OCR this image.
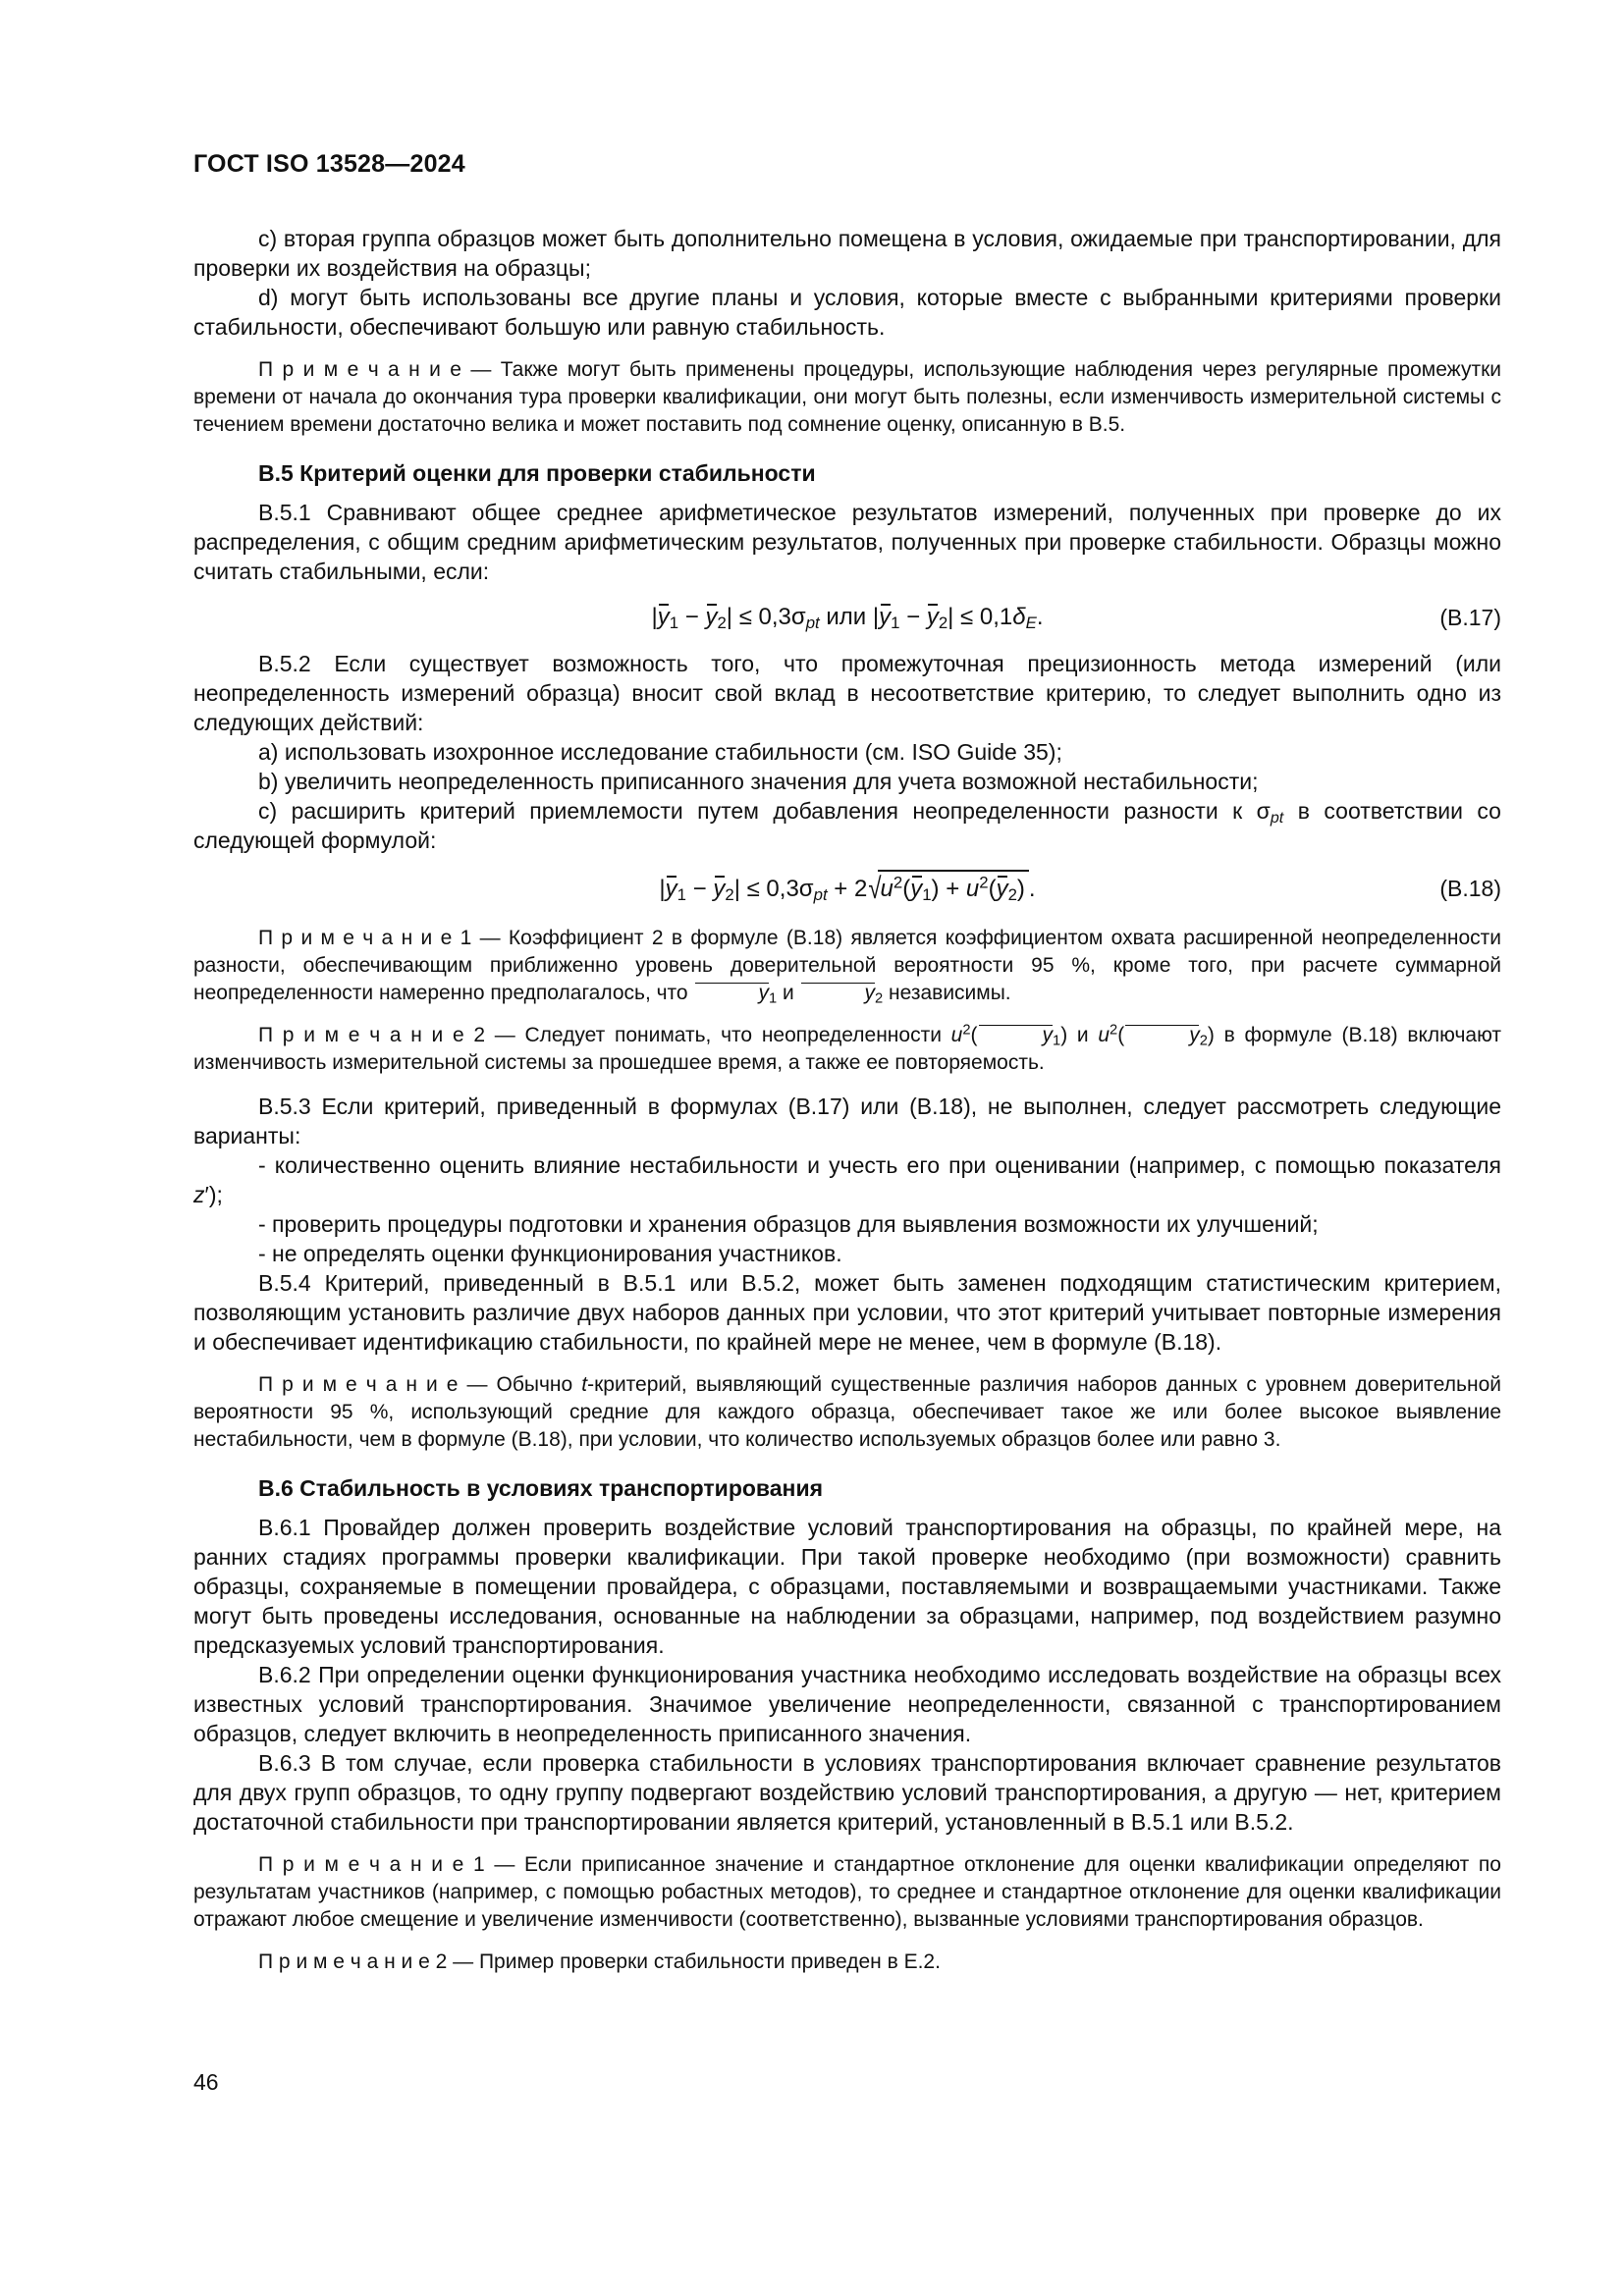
ГОСТ ISO 13528—2024

c) вторая группа образцов может быть дополнительно помещена в условия, ожидаемые при транспортировании, для проверки их воздействия на образцы;

d) могут быть использованы все другие планы и условия, которые вместе с выбранными критериями проверки стабильности, обеспечивают большую или равную стабильность.

П р и м е ч а н и е — Также могут быть применены процедуры, использующие наблюдения через регулярные промежутки времени от начала до окончания тура проверки квалификации, они могут быть полезны, если изменчивость измерительной системы с течением времени достаточно велика и может поставить под сомнение оценку, описанную в В.5.

В.5 Критерий оценки для проверки стабильности

В.5.1 Сравнивают общее среднее арифметическое результатов измерений, полученных при проверке до их распределения, с общим средним арифметическим результатов, полученных при проверке стабильности. Образцы можно считать стабильными, если:

$|y_1 - y_2| \le 0,3\sigma_{pt}$ или $|y_1 - y_2| \le 0,1\delta_E$.	(В.17)

В.5.2 Если существует возможность того, что промежуточная прецизионность метода измерений (или неопределенность измерений образца) вносит свой вклад в несоответствие критерию, то следует выполнить одно из следующих действий:

a) использовать изохронное исследование стабильности (см. ISO Guide 35);

b) увеличить неопределенность приписанного значения для учета возможной нестабильности;

c) расширить критерий приемлемости путем добавления неопределенности разности к $\sigma_{pt}$ в соответствии со следующей формулой:

$|y_1 - y_2| \le 0,3\sigma_{pt} + 2√u^2(y_1) + u^2(y_2)$ .	(В.18)

П р и м е ч а н и е 1 — Коэффициент 2 в формуле (В.18) является коэффициентом охвата расширенной неопределенности разности, обеспечивающим приближенно уровень доверительной вероятности 95 %, кроме того, при расчете суммарной неопределенности намеренно предполагалось, что	$y_1$ и	$y_2$ независимы.

П р и м е ч а н и е 2 — Следует понимать, что неопределенности $u^2$(	$y_1$) и $u^2$(	$y_2$) в формуле (В.18) включают изменчивость измерительной системы за прошедшее время, а также ее повторяемость.

В.5.3 Если критерий, приведенный в формулах (В.17) или (В.18), не выполнен, следует рассмотреть следующие варианты:

- количественно оценить влияние нестабильности и учесть его при оценивании (например, с помощью показателя z′);

- проверить процедуры подготовки и хранения образцов для выявления возможности их улучшений;

- не определять оценки функционирования участников.

В.5.4 Критерий, приведенный в В.5.1 или В.5.2, может быть заменен подходящим статистическим критерием, позволяющим установить различие двух наборов данных при условии, что этот критерий учитывает повторные измерения и обеспечивает идентификацию стабильности, по крайней мере не менее, чем в формуле (В.18).

П р и м е ч а н и е — Обычно t-критерий, выявляющий существенные различия наборов данных с уровнем доверительной вероятности 95 %, использующий средние для каждого образца, обеспечивает такое же или более высокое выявление нестабильности, чем в формуле (В.18), при условии, что количество используемых образцов более или равно 3.

В.6 Стабильность в условиях транспортирования

В.6.1 Провайдер должен проверить воздействие условий транспортирования на образцы, по крайней мере, на ранних стадиях программы проверки квалификации. При такой проверке необходимо (при возможности) сравнить образцы, сохраняемые в помещении провайдера, с образцами, поставляемыми и возвращаемыми участниками. Также могут быть проведены исследования, основанные на наблюдении за образцами, например, под воздействием разумно предсказуемых условий транспортирования.

В.6.2 При определении оценки функционирования участника необходимо исследовать воздействие на образцы всех известных условий транспортирования. Значимое увеличение неопределенности, связанной с транспортированием образцов, следует включить в неопределенность приписанного значения.

В.6.3 В том случае, если проверка стабильности в условиях транспортирования включает сравнение результатов для двух групп образцов, то одну группу подвергают воздействию условий транспортирования, а другую — нет, критерием достаточной стабильности при транспортировании является критерий, установленный в В.5.1 или В.5.2.

П р и м е ч а н и е 1 — Если приписанное значение и стандартное отклонение для оценки квалификации определяют по результатам участников (например, с помощью робастных методов), то среднее и стандартное отклонение для оценки квалификации отражают любое смещение и увеличение изменчивости (соответственно), вызванные условиями транспортирования образцов.

П р и м е ч а н и е 2 — Пример проверки стабильности приведен в Е.2.

46
